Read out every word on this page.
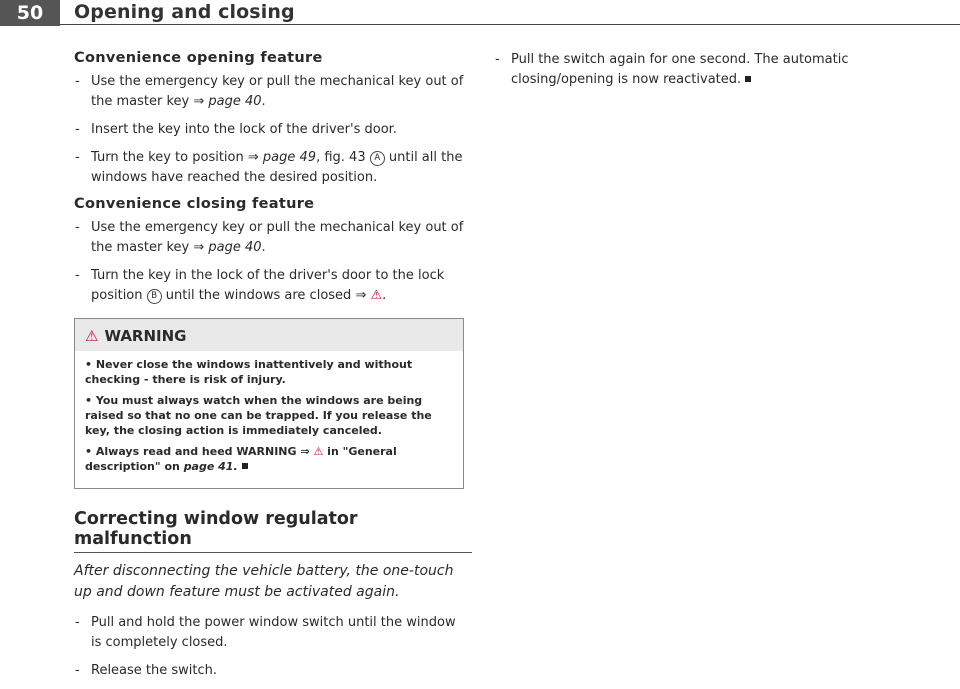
50	Opening and closing
Convenience opening feature
- Use the emergency key or pull the mechanical key out of the master key ⇒ page 40.
- Insert the key into the lock of the driver's door.
- Turn the key to position ⇒ page 49, fig. 43 A until all the windows have reached the desired position.
Convenience closing feature
- Use the emergency key or pull the mechanical key out of the master key ⇒ page 40.
- Turn the key in the lock of the driver's door to the lock position B until the windows are closed ⇒ ⚠.
⚠ WARNING
• Never close the windows inattentively and without checking - there is risk of injury.
• You must always watch when the windows are being raised so that no one can be trapped. If you release the key, the closing action is immediately canceled.
• Always read and heed WARNING ⇒ ⚠ in "General description" on page 41.
Correcting window regulator malfunction

After disconnecting the vehicle battery, the one-touch up and down feature must be activated again.

- Pull and hold the power window switch until the window is completely closed.
- Release the switch.
- Pull the switch again for one second. The automatic closing/opening is now reactivated.
